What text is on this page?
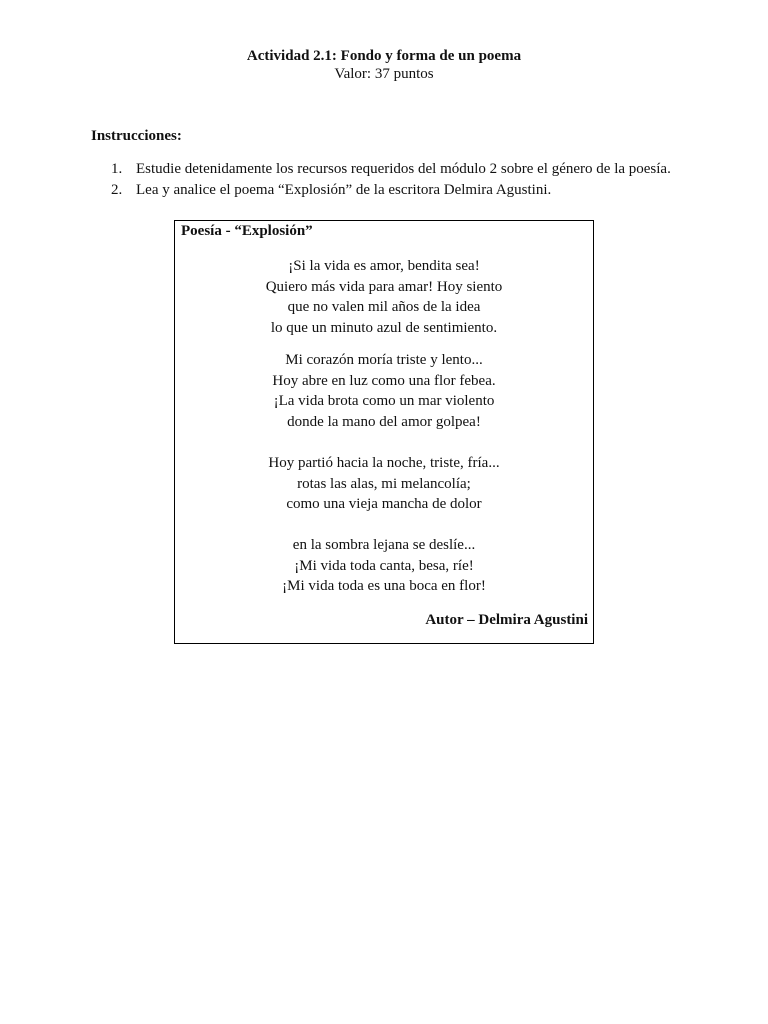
Actividad 2.1: Fondo y forma de un poema
Valor: 37 puntos
Instrucciones:
1. Estudie detenidamente los recursos requeridos del módulo 2 sobre el género de la poesía.
2. Lea y analice el poema “Explosión” de la escritora Delmira Agustini.
Poesía - “Explosión”
¡Si la vida es amor, bendita sea!
Quiero más vida para amar! Hoy siento
que no valen mil años de la idea
lo que un minuto azul de sentimiento.
Mi corazón moría triste y lento...
Hoy abre en luz como una flor febea.
¡La vida brota como un mar violento
donde la mano del amor golpea!
Hoy partió hacia la noche, triste, fría...
rotas las alas, mi melancolía;
como una vieja mancha de dolor
en la sombra lejana se deslíe...
¡Mi vida toda canta, besa, ríe!
¡Mi vida toda es una boca en flor!
Autor – Delmira Agustini
